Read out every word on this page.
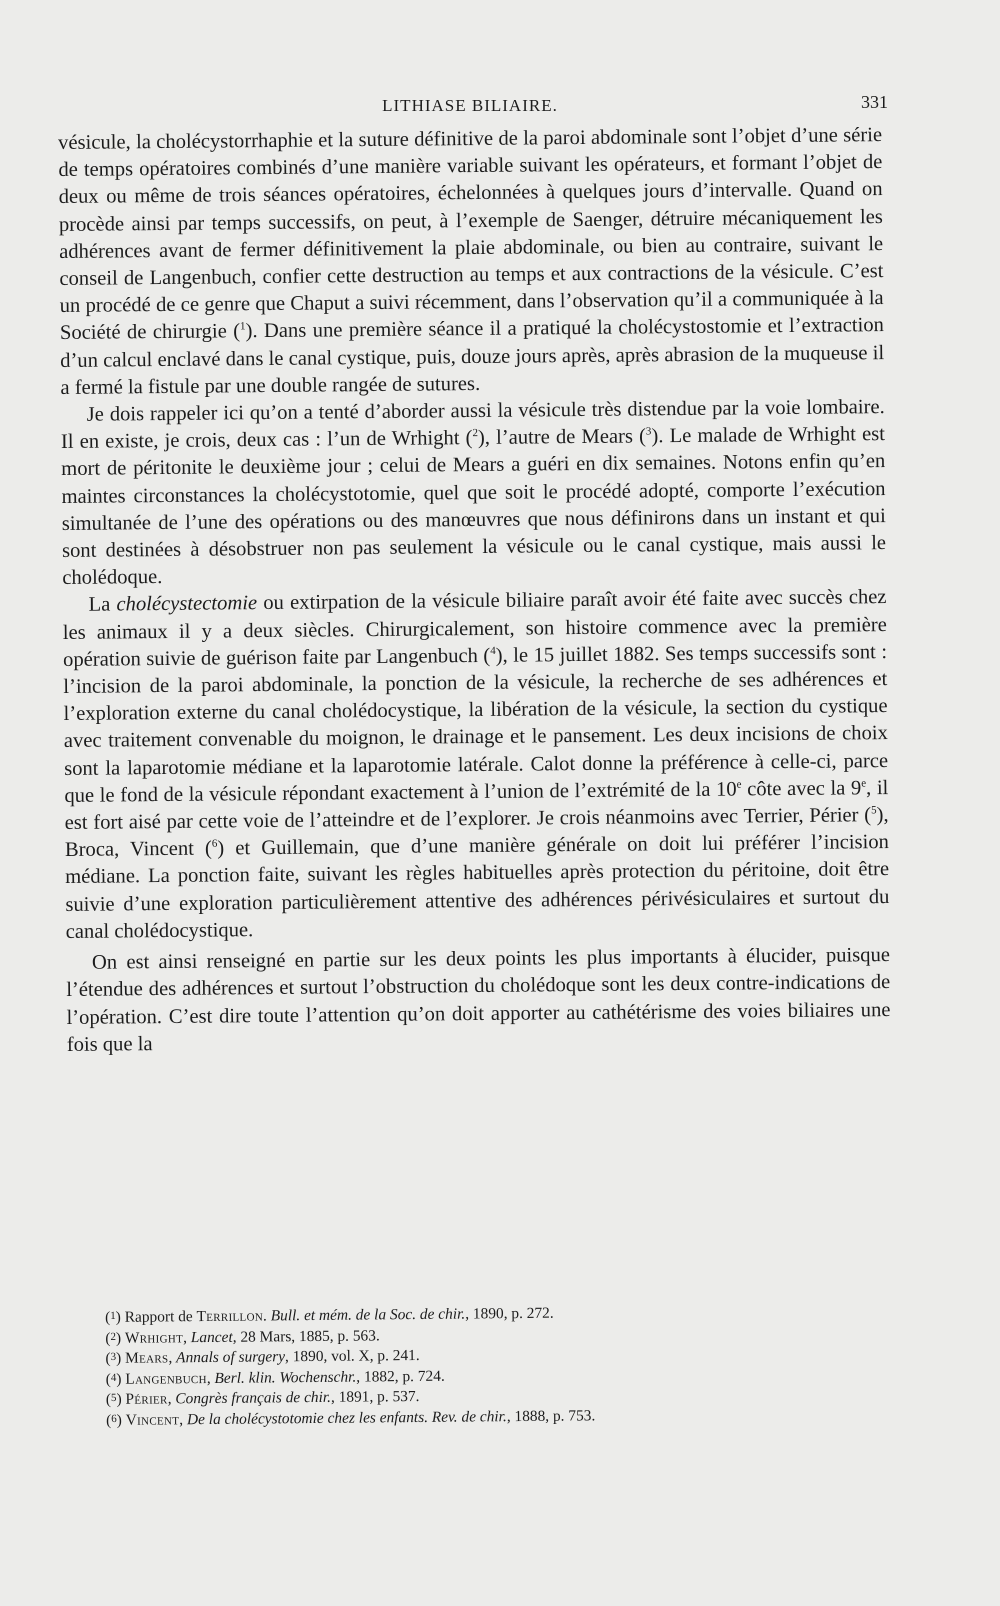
LITHIASE BILIAIRE.	331

vésicule, la cholécystorrhaphie et la suture définitive de la paroi abdominale sont l’objet d’une série de temps opératoires combinés d’une manière variable suivant les opérateurs, et formant l’objet de deux ou même de trois séances opératoires, échelonnées à quelques jours d’intervalle. Quand on procède ainsi par temps successifs, on peut, à l’exemple de Saenger, détruire mécaniquement les adhérences avant de fermer définitivement la plaie abdominale, ou bien au contraire, suivant le conseil de Langenbuch, confier cette destruction au temps et aux contractions de la vésicule. C’est un procédé de ce genre que Chaput a suivi récemment, dans l’observation qu’il a communiquée à la Société de chirurgie ($^1$). Dans une première séance il a pratiqué la cholécystostomie et l’extraction d’un calcul enclavé dans le canal cystique, puis, douze jours après, après abrasion de la muqueuse il a fermé la fistule par une double rangée de sutures.

Je dois rappeler ici qu’on a tenté d’aborder aussi la vésicule très distendue par la voie lombaire. Il en existe, je crois, deux cas : l’un de Wrhight ($^2$), l’autre de Mears ($^3$). Le malade de Wrhight est mort de péritonite le deuxième jour ; celui de Mears a guéri en dix semaines. Notons enfin qu’en maintes circonstances la cholécystotomie, quel que soit le procédé adopté, comporte l’exécution simultanée de l’une des opérations ou des manœuvres que nous définirons dans un instant et qui sont destinées à désobstruer non pas seulement la vésicule ou le canal cystique, mais aussi le cholédoque.

La cholécystectomie ou extirpation de la vésicule biliaire paraît avoir été faite avec succès chez les animaux il y a deux siècles. Chirurgicalement, son histoire commence avec la première opération suivie de guérison faite par Langenbuch ($^4$), le 15 juillet 1882. Ses temps successifs sont : l’incision de la paroi abdominale, la ponction de la vésicule, la recherche de ses adhérences et l’exploration externe du canal cholédocystique, la libération de la vésicule, la section du cystique avec traitement convenable du moignon, le drainage et le pansement. Les deux incisions de choix sont la laparotomie médiane et la laparotomie latérale. Calot donne la préférence à celle-ci, parce que le fond de la vésicule répondant exactement à l’union de l’extrémité de la 10e côte avec la 9e, il est fort aisé par cette voie de l’atteindre et de l’explorer. Je crois néanmoins avec Terrier, Périer ($^5$), Broca, Vincent ($^6$) et Guillemain, que d’une manière générale on doit lui préférer l’incision médiane. La ponction faite, suivant les règles habituelles après protection du péritoine, doit être suivie d’une exploration particulièrement attentive des adhérences périvésiculaires et surtout du canal cholédocystique.

On est ainsi renseigné en partie sur les deux points les plus importants à élucider, puisque l’étendue des adhérences et surtout l’obstruction du cholédoque sont les deux contre-indications de l’opération. C’est dire toute l’attention qu’on doit apporter au cathétérisme des voies biliaires une fois que la

(1) Rapport de Terrillon. Bull. et mém. de la Soc. de chir., 1890, p. 272.
(2) Wrhight, Lancet, 28 Mars, 1885, p. 563.
(3) Mears, Annals of surgery, 1890, vol. X, p. 241.
(4) Langenbuch, Berl. klin. Wochenschr., 1882, p. 724.
(5) Périer, Congrès français de chir., 1891, p. 537.
(6) Vincent, De la cholécystotomie chez les enfants. Rev. de chir., 1888, p. 753.
